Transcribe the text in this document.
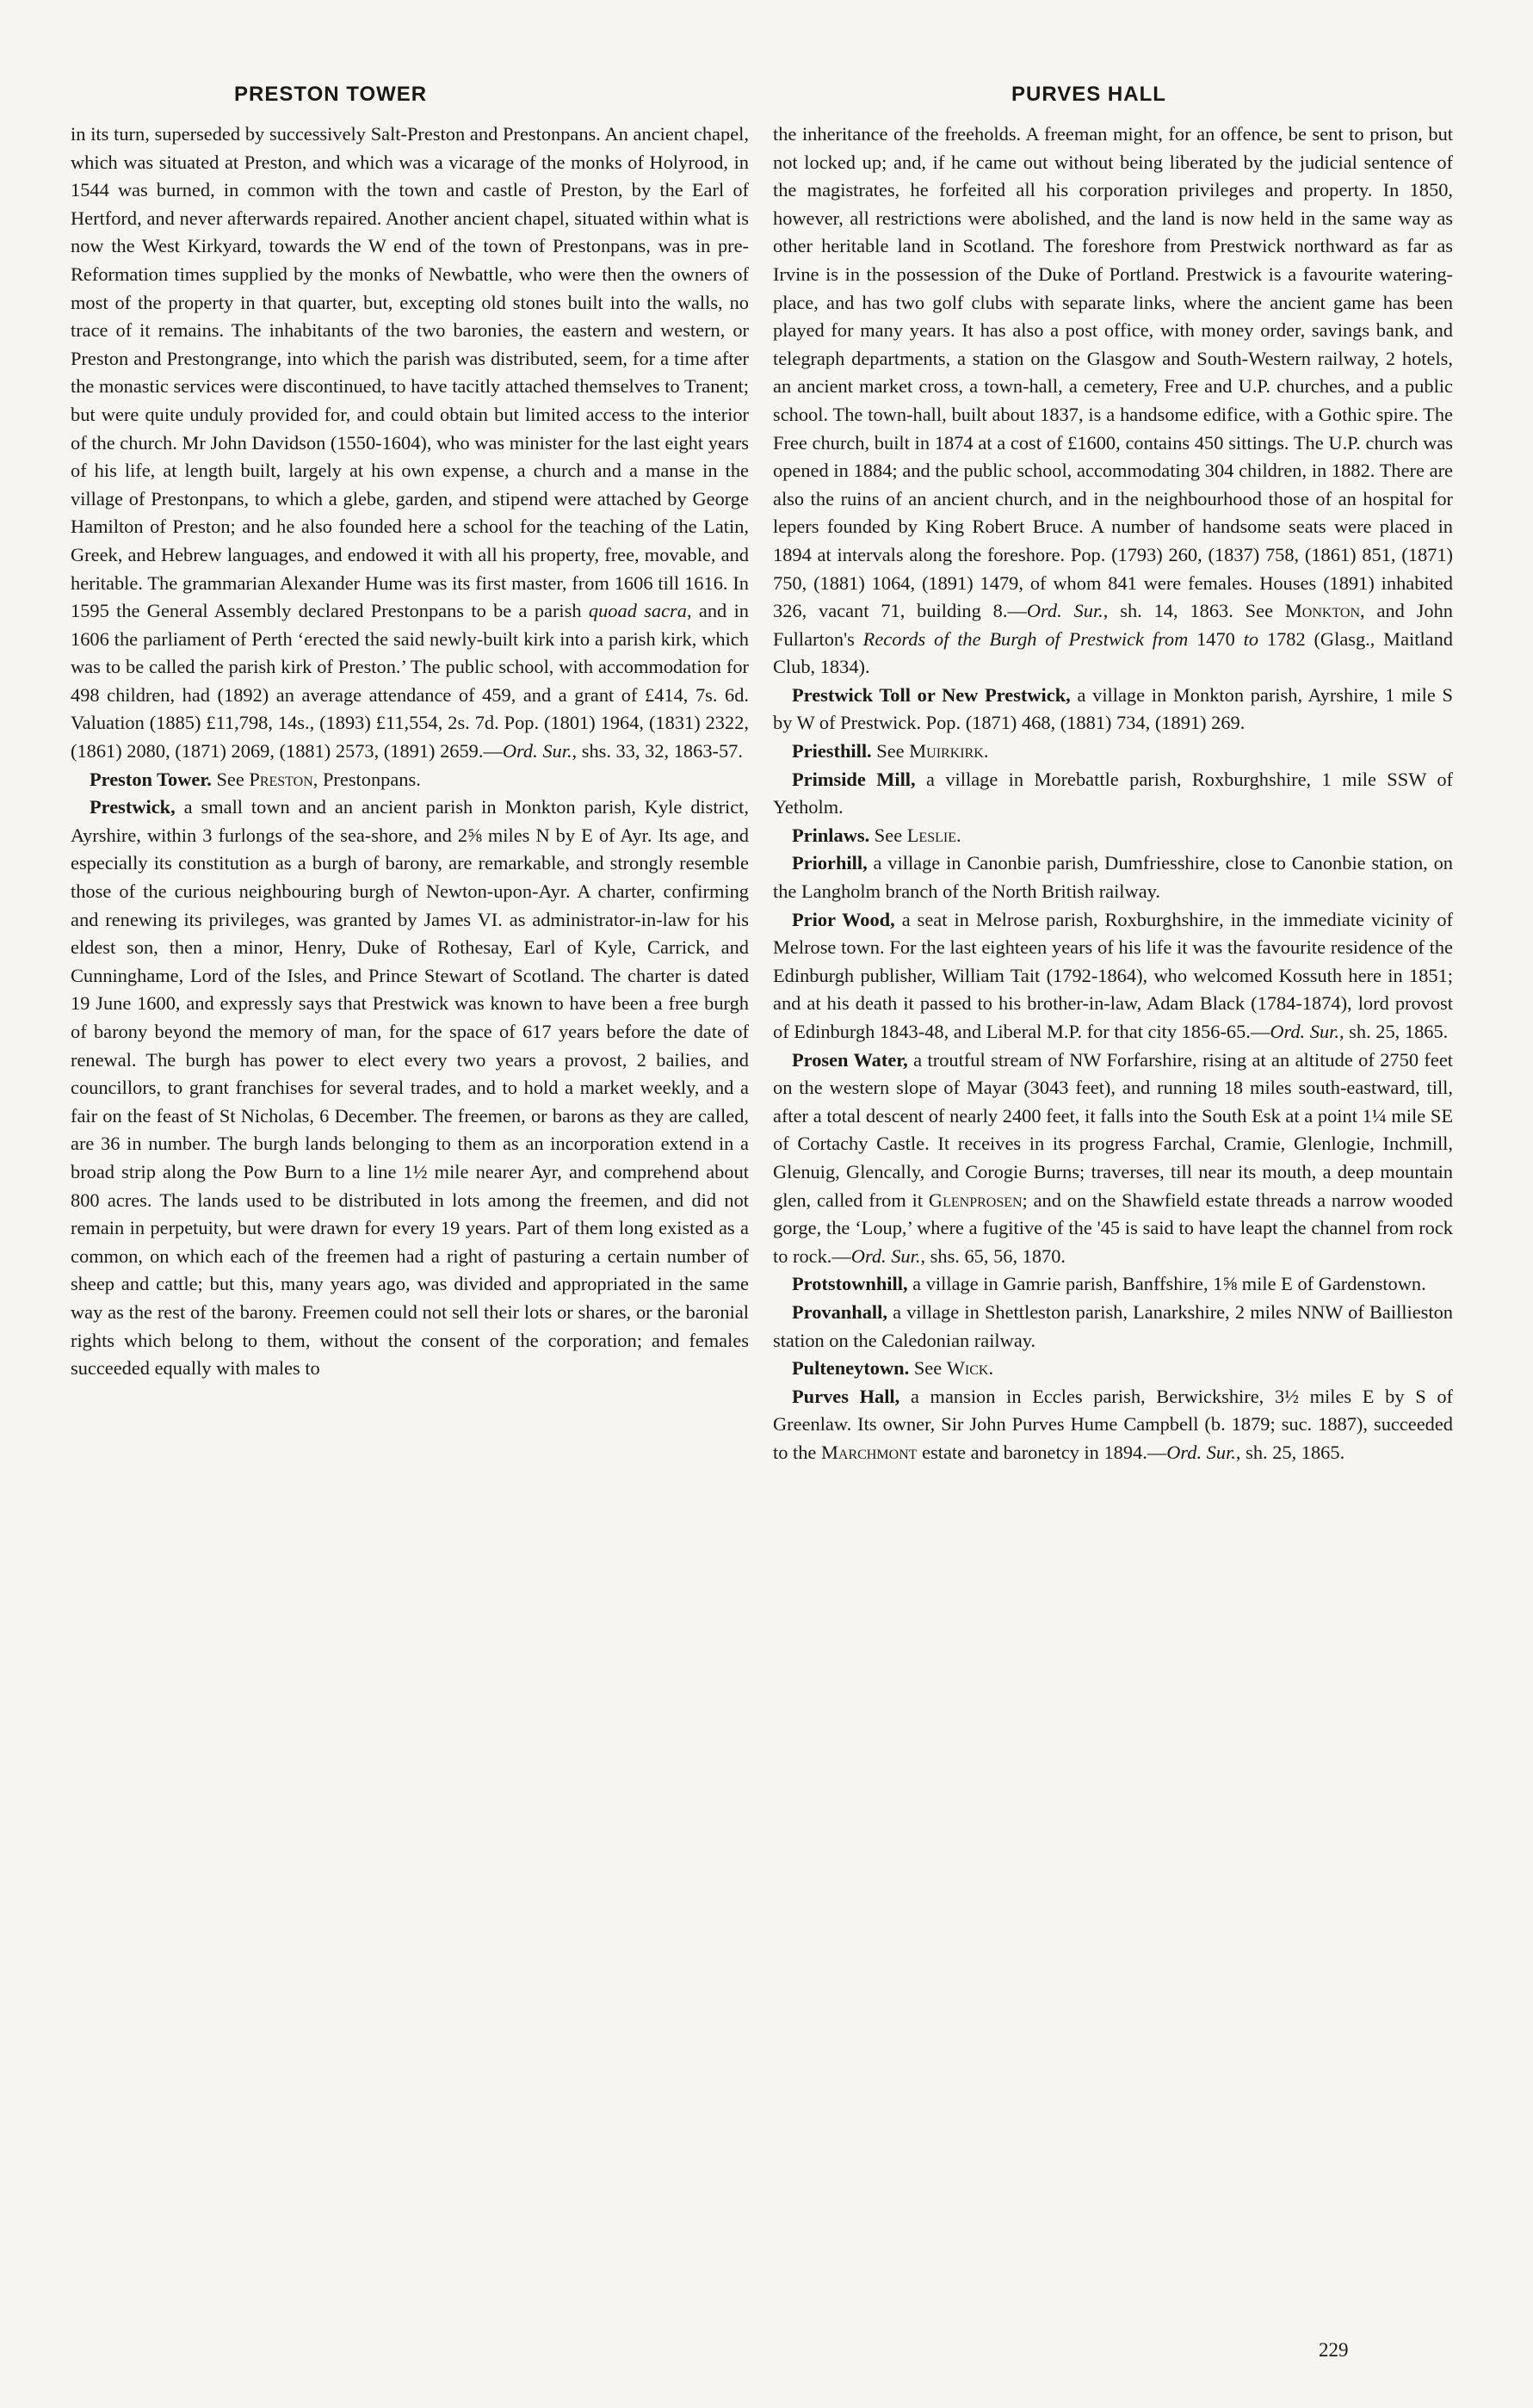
PRESTON TOWER	PURVES HALL

in its turn, superseded by successively Salt-Preston and Prestonpans. An ancient chapel, which was situated at Preston, and which was a vicarage of the monks of Holyrood, in 1544 was burned, in common with the town and castle of Preston, by the Earl of Hertford, and never afterwards repaired. Another ancient chapel, situated within what is now the West Kirkyard, towards the W end of the town of Prestonpans, was in pre-Reformation times supplied by the monks of Newbattle, who were then the owners of most of the property in that quarter, but, excepting old stones built into the walls, no trace of it remains. The inhabitants of the two baronies, the eastern and western, or Preston and Prestongrange, into which the parish was distributed, seem, for a time after the monastic services were discontinued, to have tacitly attached themselves to Tranent; but were quite unduly provided for, and could obtain but limited access to the interior of the church. Mr John Davidson (1550-1604), who was minister for the last eight years of his life, at length built, largely at his own expense, a church and a manse in the village of Prestonpans, to which a glebe, garden, and stipend were attached by George Hamilton of Preston; and he also founded here a school for the teaching of the Latin, Greek, and Hebrew languages, and endowed it with all his property, free, movable, and heritable. The grammarian Alexander Hume was its first master, from 1606 till 1616. In 1595 the General Assembly declared Prestonpans to be a parish quoad sacra, and in 1606 the parliament of Perth ‘erected the said newly-built kirk into a parish kirk, which was to be called the parish kirk of Preston.’ The public school, with accommodation for 498 children, had (1892) an average attendance of 459, and a grant of £414, 7s. 6d. Valuation (1885) £11,798, 14s., (1893) £11,554, 2s. 7d. Pop. (1801) 1964, (1831) 2322, (1861) 2080, (1871) 2069, (1881) 2573, (1891) 2659.—Ord. Sur., shs. 33, 32, 1863-57.

Preston Tower. See Preston, Prestonpans.

Prestwick, a small town and an ancient parish in Monkton parish, Kyle district, Ayrshire, within 3 furlongs of the sea-shore, and 2⅝ miles N by E of Ayr. Its age, and especially its constitution as a burgh of barony, are remarkable, and strongly resemble those of the curious neighbouring burgh of Newton-upon-Ayr. A charter, confirming and renewing its privileges, was granted by James VI. as administrator-in-law for his eldest son, then a minor, Henry, Duke of Rothesay, Earl of Kyle, Carrick, and Cunninghame, Lord of the Isles, and Prince Stewart of Scotland. The charter is dated 19 June 1600, and expressly says that Prestwick was known to have been a free burgh of barony beyond the memory of man, for the space of 617 years before the date of renewal. The burgh has power to elect every two years a provost, 2 bailies, and councillors, to grant franchises for several trades, and to hold a market weekly, and a fair on the feast of St Nicholas, 6 December. The freemen, or barons as they are called, are 36 in number. The burgh lands belonging to them as an incorporation extend in a broad strip along the Pow Burn to a line 1½ mile nearer Ayr, and comprehend about 800 acres. The lands used to be distributed in lots among the freemen, and did not remain in perpetuity, but were drawn for every 19 years. Part of them long existed as a common, on which each of the freemen had a right of pasturing a certain number of sheep and cattle; but this, many years ago, was divided and appropriated in the same way as the rest of the barony. Freemen could not sell their lots or shares, or the baronial rights which belong to them, without the consent of the corporation; and females succeeded equally with males to

the inheritance of the freeholds. A freeman might, for an offence, be sent to prison, but not locked up; and, if he came out without being liberated by the judicial sentence of the magistrates, he forfeited all his corporation privileges and property. In 1850, however, all restrictions were abolished, and the land is now held in the same way as other heritable land in Scotland. The foreshore from Prestwick northward as far as Irvine is in the possession of the Duke of Portland. Prestwick is a favourite watering-place, and has two golf clubs with separate links, where the ancient game has been played for many years. It has also a post office, with money order, savings bank, and telegraph departments, a station on the Glasgow and South-Western railway, 2 hotels, an ancient market cross, a town-hall, a cemetery, Free and U.P. churches, and a public school. The town-hall, built about 1837, is a handsome edifice, with a Gothic spire. The Free church, built in 1874 at a cost of £1600, contains 450 sittings. The U.P. church was opened in 1884; and the public school, accommodating 304 children, in 1882. There are also the ruins of an ancient church, and in the neighbourhood those of an hospital for lepers founded by King Robert Bruce. A number of handsome seats were placed in 1894 at intervals along the foreshore. Pop. (1793) 260, (1837) 758, (1861) 851, (1871) 750, (1881) 1064, (1891) 1479, of whom 841 were females. Houses (1891) inhabited 326, vacant 71, building 8.—Ord. Sur., sh. 14, 1863. See Monkton, and John Fullarton's Records of the Burgh of Prestwick from 1470 to 1782 (Glasg., Maitland Club, 1834).

Prestwick Toll or New Prestwick, a village in Monkton parish, Ayrshire, 1 mile S by W of Prestwick. Pop. (1871) 468, (1881) 734, (1891) 269.

Priesthill. See Muirkirk.

Primside Mill, a village in Morebattle parish, Roxburghshire, 1 mile SSW of Yetholm.

Prinlaws. See Leslie.

Priorhill, a village in Canonbie parish, Dumfriesshire, close to Canonbie station, on the Langholm branch of the North British railway.

Prior Wood, a seat in Melrose parish, Roxburghshire, in the immediate vicinity of Melrose town. For the last eighteen years of his life it was the favourite residence of the Edinburgh publisher, William Tait (1792-1864), who welcomed Kossuth here in 1851; and at his death it passed to his brother-in-law, Adam Black (1784-1874), lord provost of Edinburgh 1843-48, and Liberal M.P. for that city 1856-65.—Ord. Sur., sh. 25, 1865.

Prosen Water, a troutful stream of NW Forfarshire, rising at an altitude of 2750 feet on the western slope of Mayar (3043 feet), and running 18 miles south-eastward, till, after a total descent of nearly 2400 feet, it falls into the South Esk at a point 1¼ mile SE of Cortachy Castle. It receives in its progress Farchal, Cramie, Glenlogie, Inchmill, Glenuig, Glencally, and Corogie Burns; traverses, till near its mouth, a deep mountain glen, called from it Glenprosen; and on the Shawfield estate threads a narrow wooded gorge, the ‘Loup,’ where a fugitive of the '45 is said to have leapt the channel from rock to rock.—Ord. Sur., shs. 65, 56, 1870.

Protstownhill, a village in Gamrie parish, Banffshire, 1⅝ mile E of Gardenstown.

Provanhall, a village in Shettleston parish, Lanarkshire, 2 miles NNW of Baillieston station on the Caledonian railway.

Pulteneytown. See Wick.

Purves Hall, a mansion in Eccles parish, Berwickshire, 3½ miles E by S of Greenlaw. Its owner, Sir John Purves Hume Campbell (b. 1879; suc. 1887), succeeded to the Marchmont estate and baronetcy in 1894.—Ord. Sur., sh. 25, 1865.

229
